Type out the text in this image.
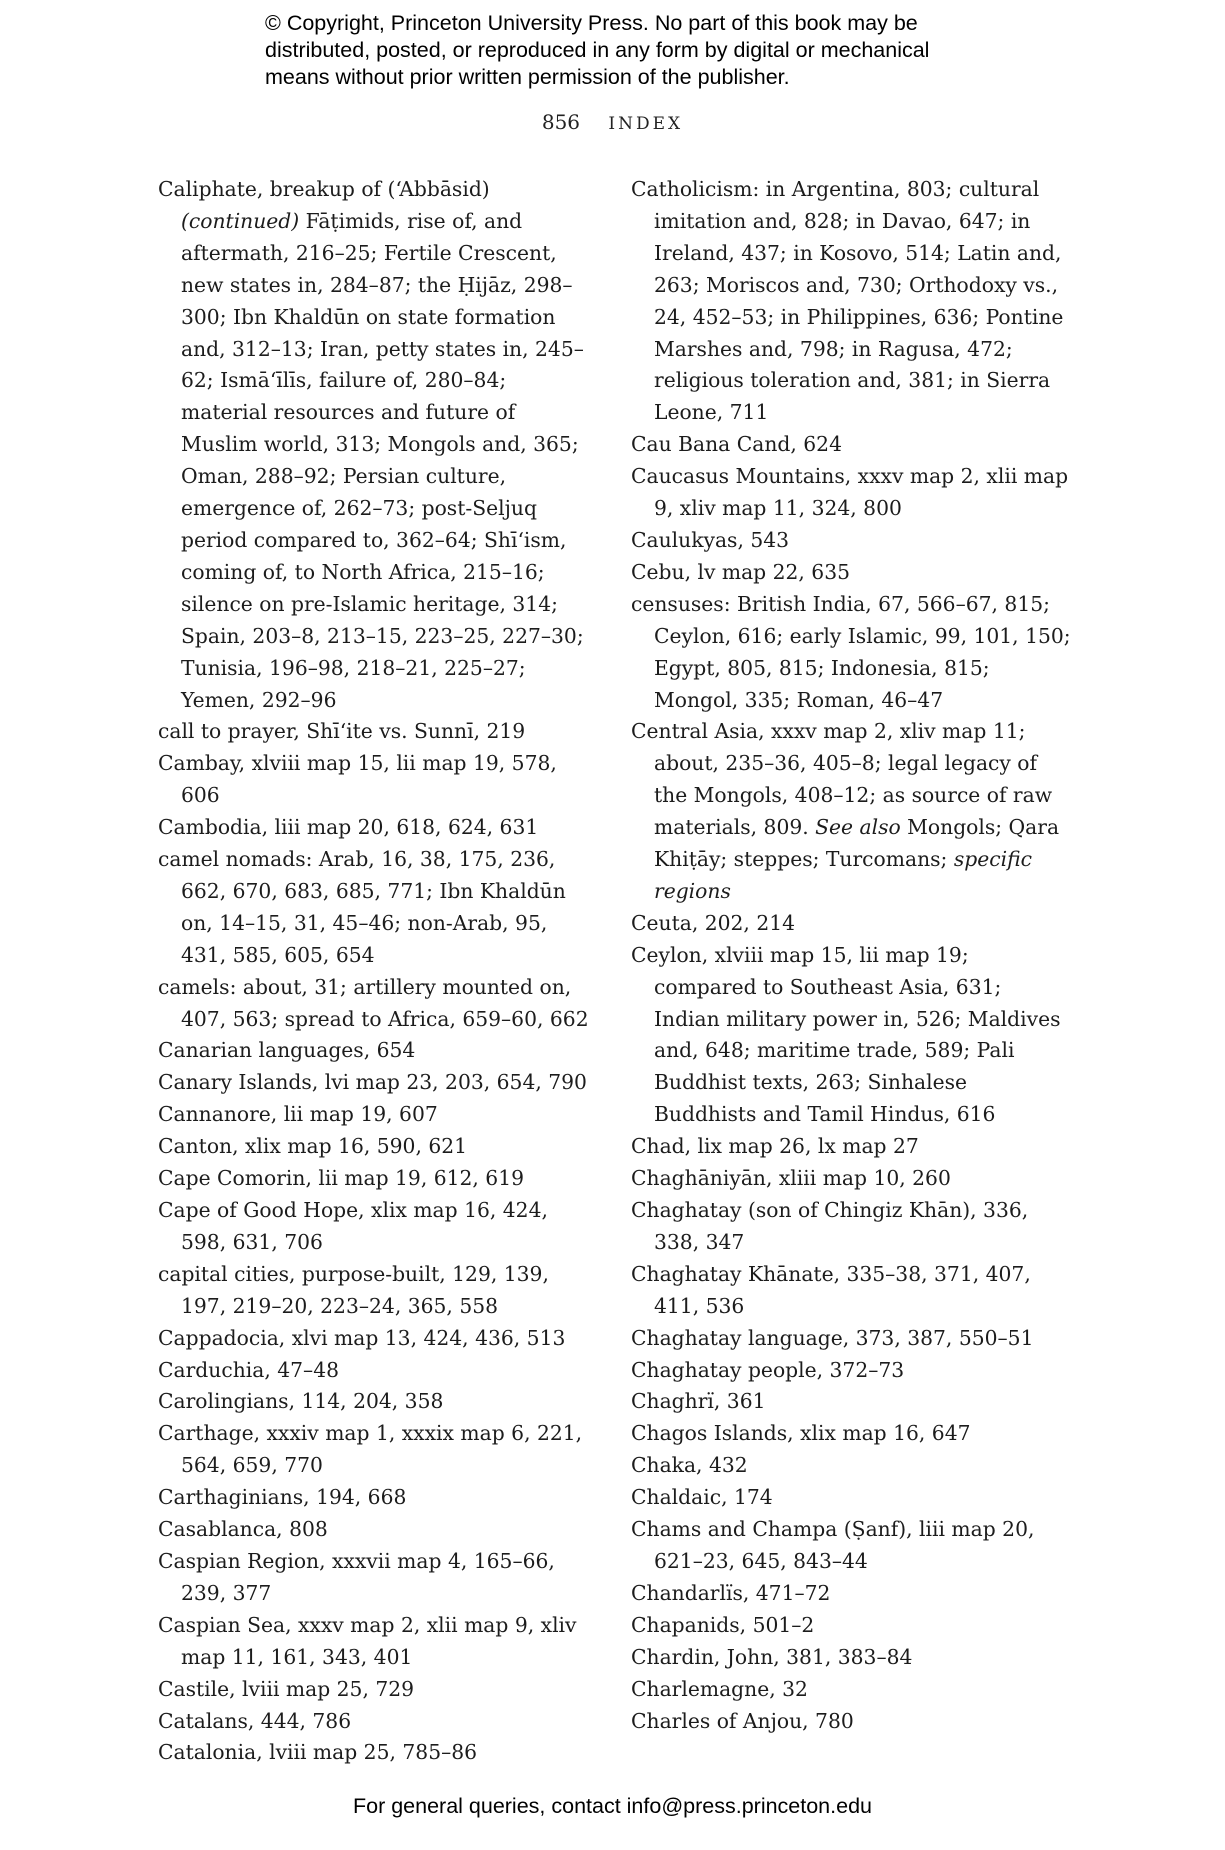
© Copyright, Princeton University Press. No part of this book may be
distributed, posted, or reproduced in any form by digital or mechanical
means without prior written permission of the publisher.
856 INDEX
Caliphate, breakup of (‘Abbāsid) (continued) Fāṭimids, rise of, and aftermath, 216–25; Fertile Crescent, new states in, 284–87; the Ḥijāz, 298–300; Ibn Khaldūn on state formation and, 312–13; Iran, petty states in, 245–62; Ismā‘īlīs, failure of, 280–84; material resources and future of Muslim world, 313; Mongols and, 365; Oman, 288–92; Persian culture, emergence of, 262–73; post-Seljuq period compared to, 362–64; Shī‘ism, coming of, to North Africa, 215–16; silence on pre-Islamic heritage, 314; Spain, 203–8, 213–15, 223–25, 227–30; Tunisia, 196–98, 218–21, 225–27; Yemen, 292–96
call to prayer, Shī‘ite vs. Sunnī, 219
Cambay, xlviii map 15, lii map 19, 578, 606
Cambodia, liii map 20, 618, 624, 631
camel nomads: Arab, 16, 38, 175, 236, 662, 670, 683, 685, 771; Ibn Khaldūn on, 14–15, 31, 45–46; non-Arab, 95, 431, 585, 605, 654
camels: about, 31; artillery mounted on, 407, 563; spread to Africa, 659–60, 662
Canarian languages, 654
Canary Islands, lvi map 23, 203, 654, 790
Cannanore, lii map 19, 607
Canton, xlix map 16, 590, 621
Cape Comorin, lii map 19, 612, 619
Cape of Good Hope, xlix map 16, 424, 598, 631, 706
capital cities, purpose-built, 129, 139, 197, 219–20, 223–24, 365, 558
Cappadocia, xlvi map 13, 424, 436, 513
Carduchia, 47–48
Carolingians, 114, 204, 358
Carthage, xxxiv map 1, xxxix map 6, 221, 564, 659, 770
Carthaginians, 194, 668
Casablanca, 808
Caspian Region, xxxvii map 4, 165–66, 239, 377
Caspian Sea, xxxv map 2, xlii map 9, xliv map 11, 161, 343, 401
Castile, lviii map 25, 729
Catalans, 444, 786
Catalonia, lviii map 25, 785–86
Catholicism: in Argentina, 803; cultural imitation and, 828; in Davao, 647; in Ireland, 437; in Kosovo, 514; Latin and, 263; Moriscos and, 730; Orthodoxy vs., 24, 452–53; in Philippines, 636; Pontine Marshes and, 798; in Ragusa, 472; religious toleration and, 381; in Sierra Leone, 711
Cau Bana Cand, 624
Caucasus Mountains, xxxv map 2, xlii map 9, xliv map 11, 324, 800
Caulukyas, 543
Cebu, lv map 22, 635
censuses: British India, 67, 566–67, 815; Ceylon, 616; early Islamic, 99, 101, 150; Egypt, 805, 815; Indonesia, 815; Mongol, 335; Roman, 46–47
Central Asia, xxxv map 2, xliv map 11; about, 235–36, 405–8; legal legacy of the Mongols, 408–12; as source of raw materials, 809. See also Mongols; Qara Khiṭāy; steppes; Turcomans; specific regions
Ceuta, 202, 214
Ceylon, xlviii map 15, lii map 19; compared to Southeast Asia, 631; Indian military power in, 526; Maldives and, 648; maritime trade, 589; Pali Buddhist texts, 263; Sinhalese Buddhists and Tamil Hindus, 616
Chad, lix map 26, lx map 27
Chaghāniyān, xliii map 10, 260
Chaghatay (son of Chingiz Khān), 336, 338, 347
Chaghatay Khānate, 335–38, 371, 407, 411, 536
Chaghatay language, 373, 387, 550–51
Chaghatay people, 372–73
Chaghrï, 361
Chagos Islands, xlix map 16, 647
Chaka, 432
Chaldaic, 174
Chams and Champa (Ṣanf), liii map 20, 621–23, 645, 843–44
Chandarlïs, 471–72
Chapanids, 501–2
Chardin, John, 381, 383–84
Charlemagne, 32
Charles of Anjou, 780
For general queries, contact info@press.princeton.edu
